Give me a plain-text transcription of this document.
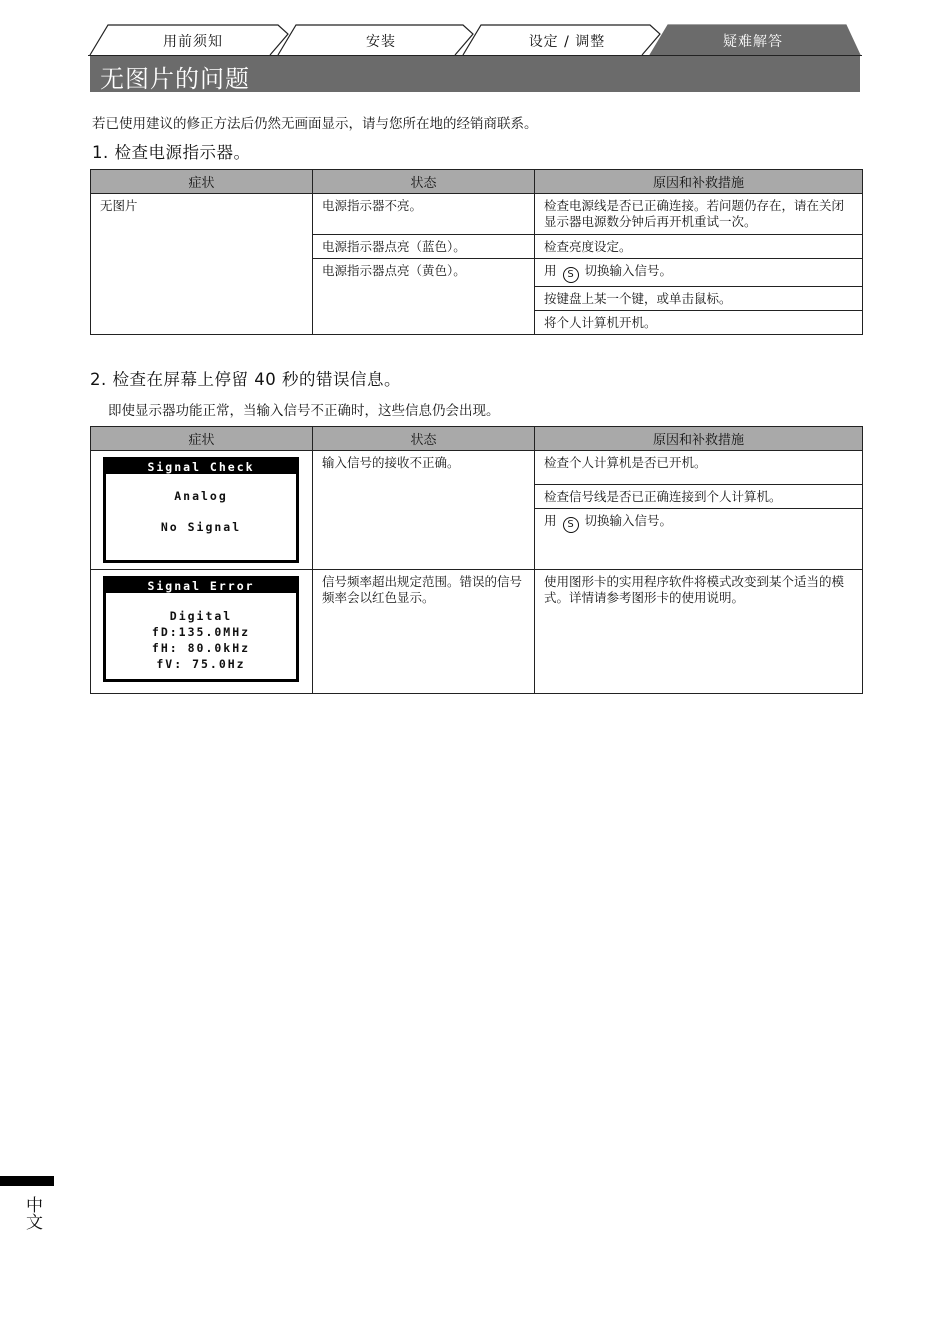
用前须知	安装	设定 / 调整	疑难解答
无图片的问题
若已使用建议的修正方法后仍然无画面显示，请与您所在地的经销商联系。
1. 检查电源指示器。
症状	状态	原因和补救措施
无图片	电源指示器不亮。	检查电源线是否已正确连接。若问题仍存在，请在关闭显示器电源数分钟后再开机重试一次。
	电源指示器点亮（蓝色）。	检查亮度设定。
	电源指示器点亮（黄色）。	用 S 切换输入信号。
		按键盘上某一个键，或单击鼠标。
		将个人计算机开机。
2. 检查在屏幕上停留 40 秒的错误信息。
即使显示器功能正常，当输入信号不正确时，这些信息仍会出现。
症状	状态	原因和补救措施

Signal Check
Analog
No Signal	输入信号的接收不正确。	检查个人计算机是否已开机。
		检查信号线是否已正确连接到个人计算机。
		用 S 切换输入信号。

Signal Error
Digital
fD:135.0MHz
fH: 80.0kHz
fV: 75.0Hz	信号频率超出规定范围。错误的信号频率会以红色显示。	使用图形卡的实用程序软件将模式改变到某个适当的模式。详情请参考图形卡的使用说明。
中文
